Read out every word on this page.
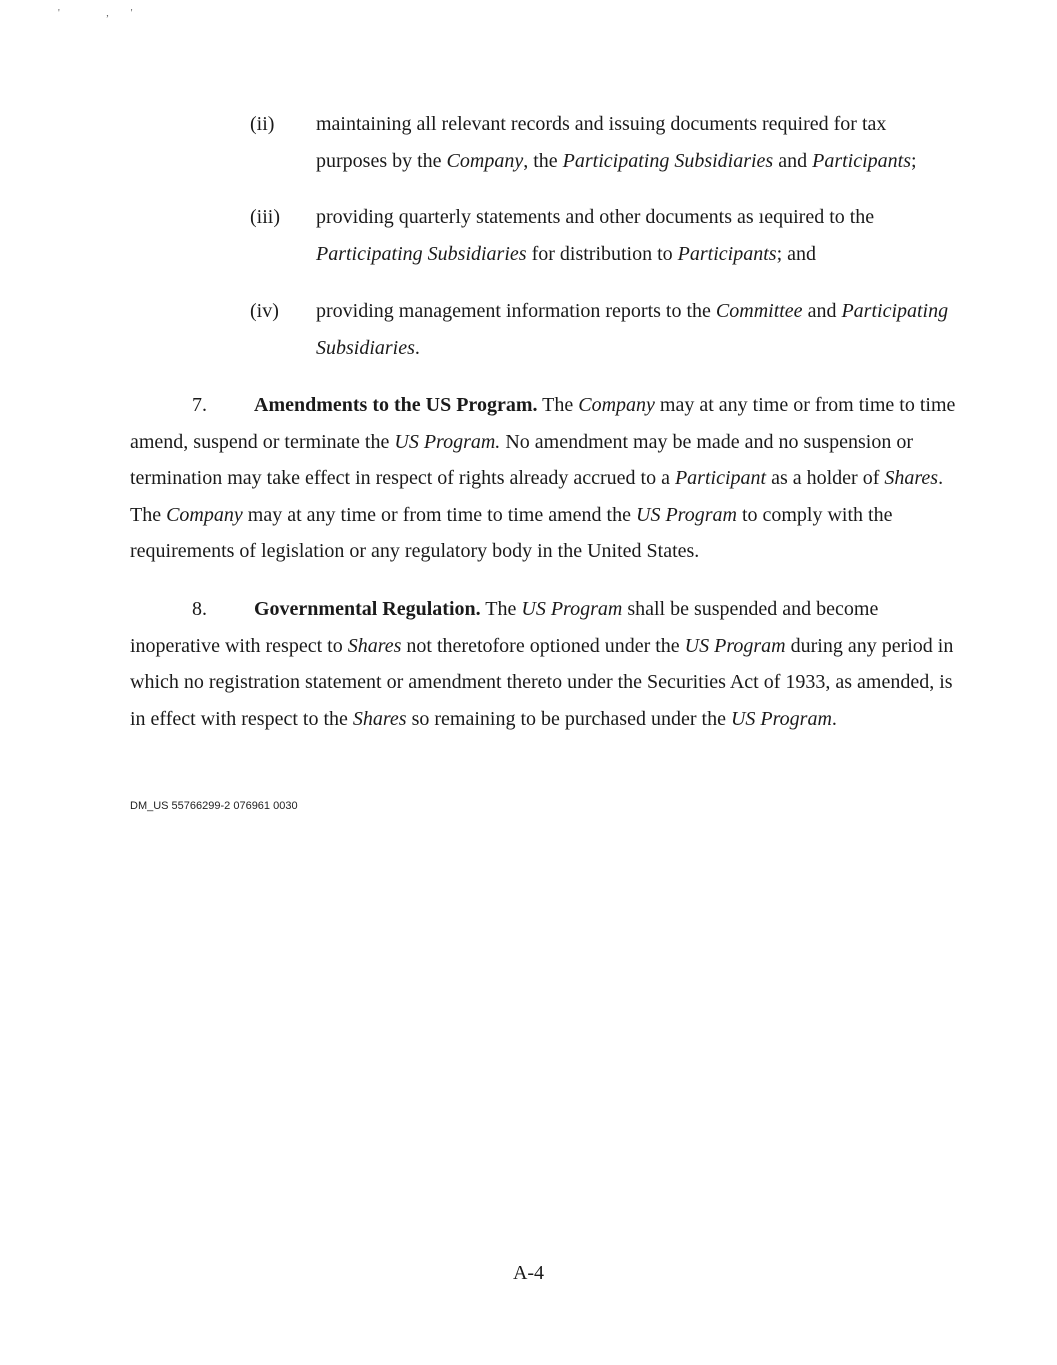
' ,'
(ii)	maintaining all relevant records and issuing documents required for tax purposes by the Company, the Participating Subsidiaries and Participants;
(iii)	providing quarterly statements and other documents as ıequired to the Participating Subsidiaries for distribution to Participants; and
(iv)	providing management information reports to the Committee and Participating Subsidiaries.
7. Amendments to the US Program. The Company may at any time or from time to time amend, suspend or terminate the US Program. No amendment may be made and no suspension or termination may take effect in respect of rights already accrued to a Participant as a holder of Shares. The Company may at any time or from time to time amend the US Program to comply with the requirements of legislation or any regulatory body in the United States.
8. Governmental Regulation. The US Program shall be suspended and become inoperative with respect to Shares not theretofore optioned under the US Program during any period in which no registration statement or amendment thereto under the Securities Act of 1933, as amended, is in effect with respect to the Shares so remaining to be purchased under the US Program.
DM_US 55766299-2 076961 0030
A-4
